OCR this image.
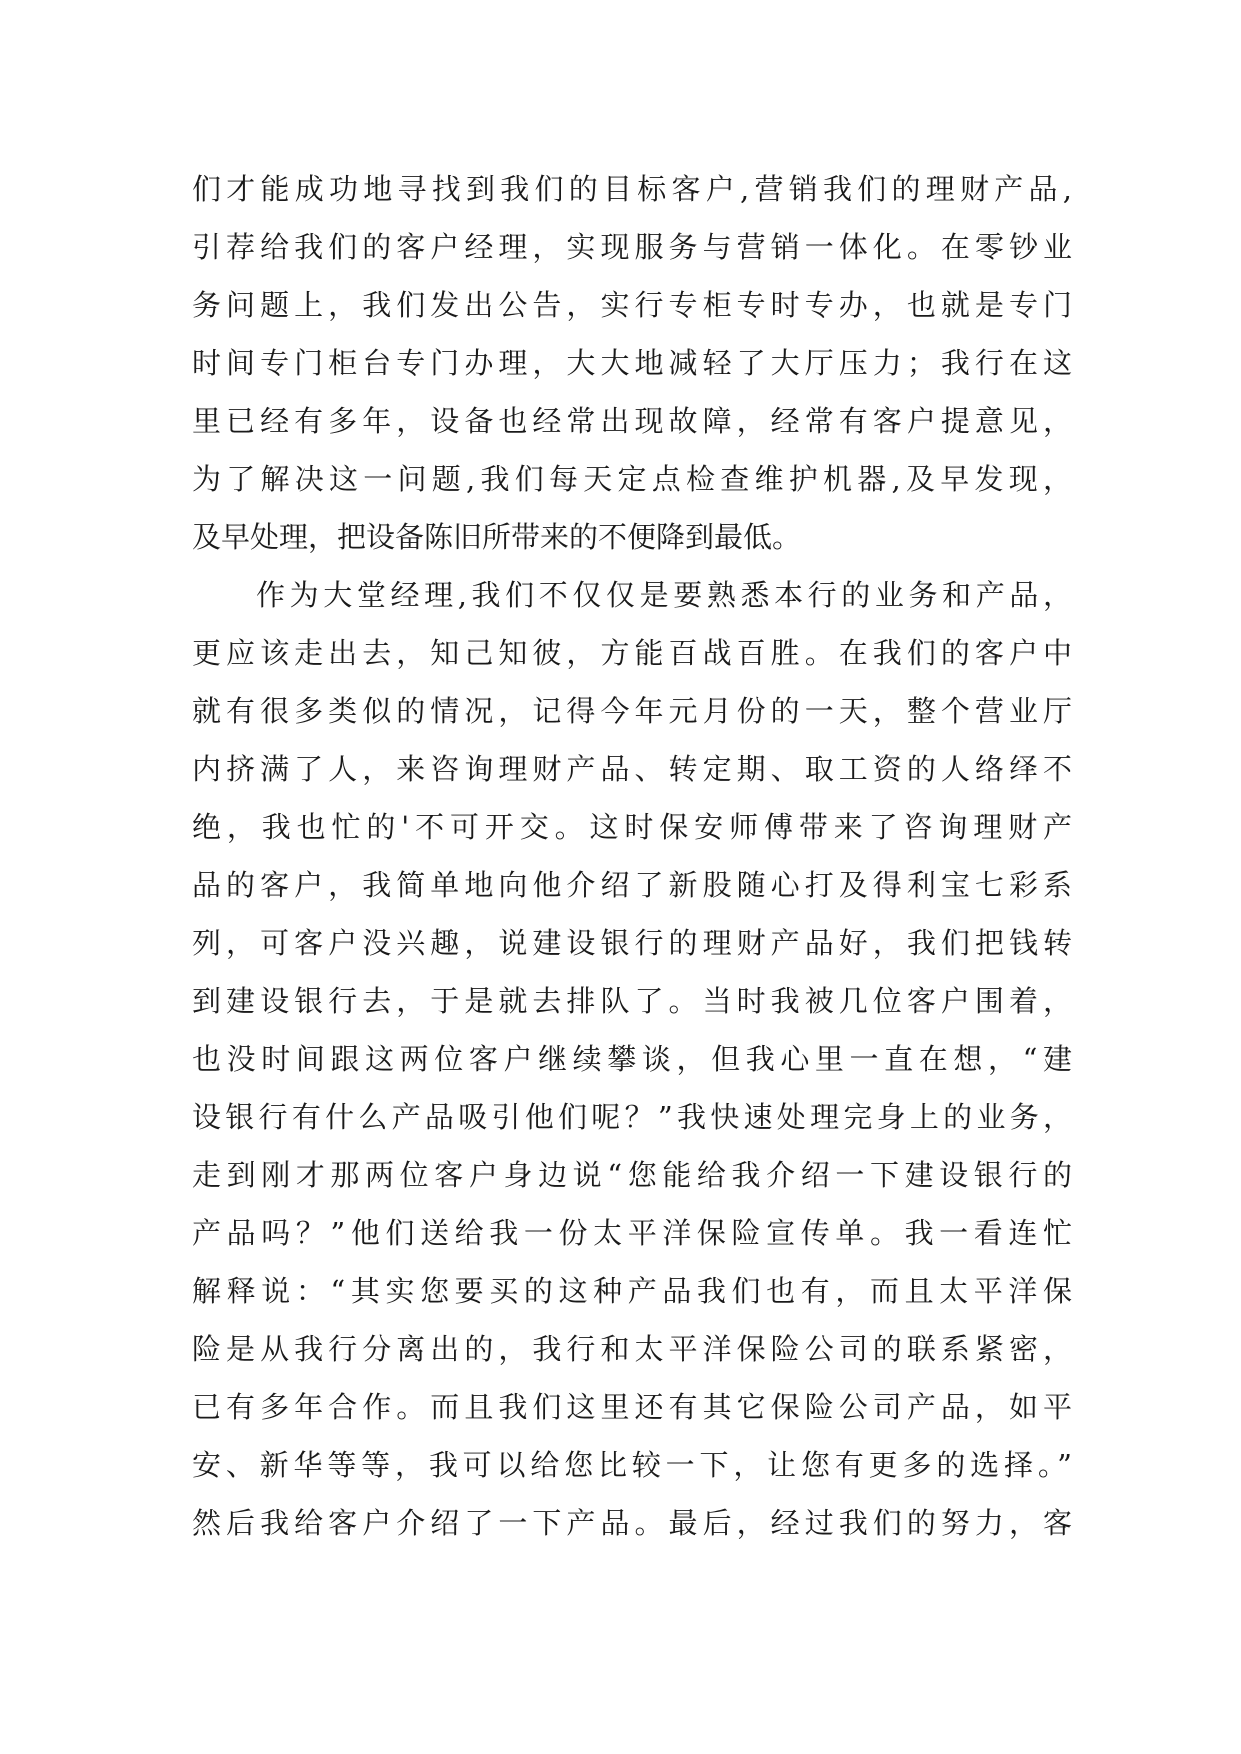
们才能成功地寻找到我们的目标客户,营销我们的理财产品,
引荐给我们的客户经理，实现服务与营销一体化。在零钞业
务问题上，我们发出公告，实行专柜专时专办，也就是专门
时间专门柜台专门办理，大大地减轻了大厅压力；我行在这
里已经有多年，设备也经常出现故障，经常有客户提意见，
为了解决这一问题,我们每天定点检查维护机器,及早发现，
及早处理，把设备陈旧所带来的不便降到最低。
作为大堂经理,我们不仅仅是要熟悉本行的业务和产品，
更应该走出去，知己知彼，方能百战百胜。在我们的客户中
就有很多类似的情况，记得今年元月份的一天，整个营业厅
内挤满了人，来咨询理财产品、转定期、取工资的人络绎不
绝，我也忙的'不可开交。这时保安师傅带来了咨询理财产
品的客户，我简单地向他介绍了新股随心打及得利宝七彩系
列，可客户没兴趣，说建设银行的理财产品好，我们把钱转
到建设银行去，于是就去排队了。当时我被几位客户围着，
也没时间跟这两位客户继续攀谈，但我心里一直在想，“建
设银行有什么产品吸引他们呢？”我快速处理完身上的业务，
走到刚才那两位客户身边说“您能给我介绍一下建设银行的
产品吗？”他们送给我一份太平洋保险宣传单。我一看连忙
解释说：“其实您要买的这种产品我们也有，而且太平洋保
险是从我行分离出的，我行和太平洋保险公司的联系紧密，
已有多年合作。而且我们这里还有其它保险公司产品，如平
安、新华等等，我可以给您比较一下，让您有更多的选择。”
然后我给客户介绍了一下产品。最后，经过我们的努力，客
